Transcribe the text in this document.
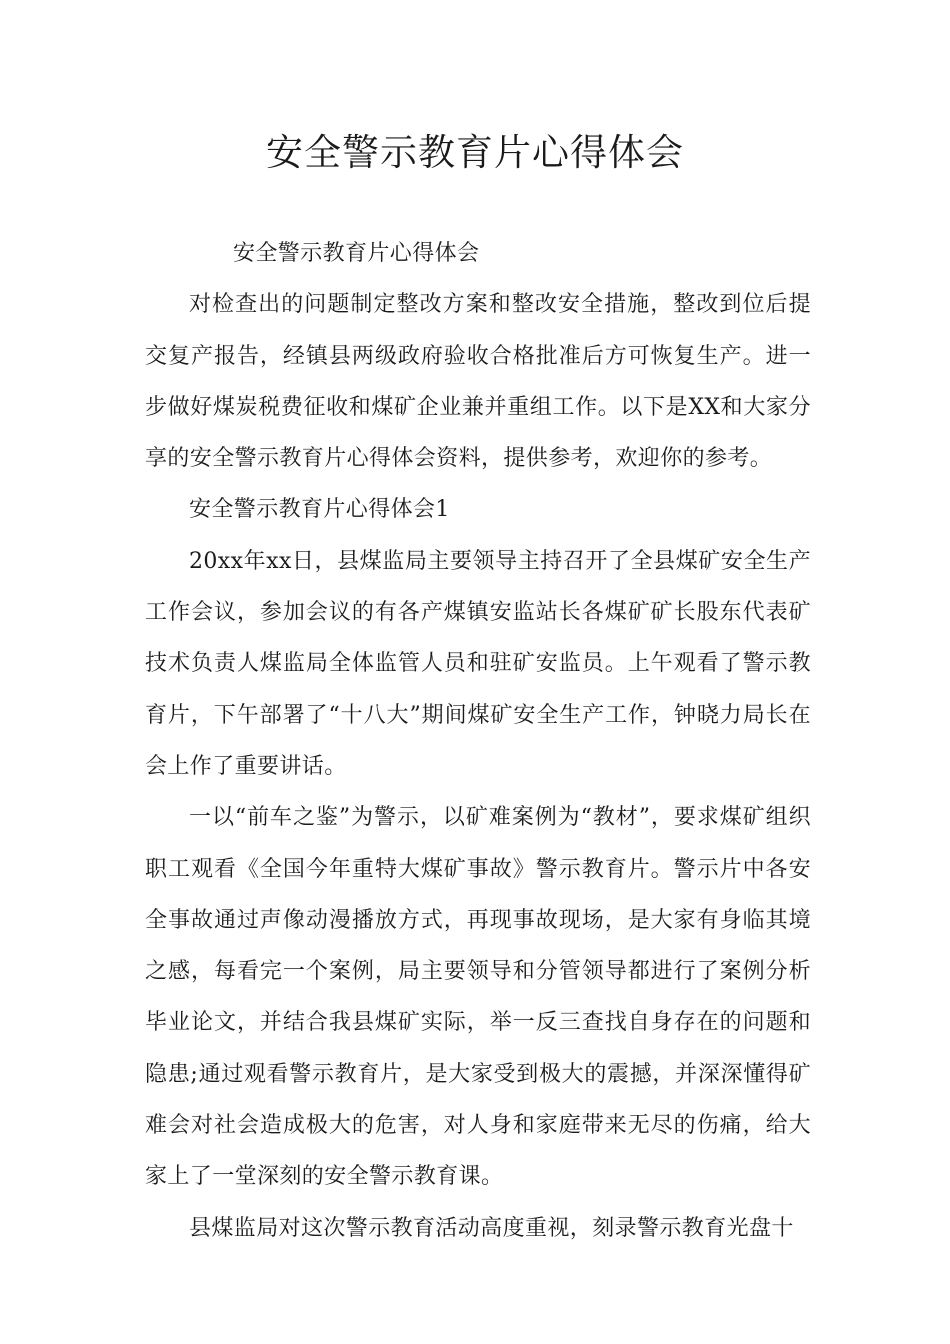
安全警示教育片心得体会

安全警示教育片心得体会

对检查出的问题制定整改方案和整改安全措施，整改到位后提交复产报告，经镇县两级政府验收合格批准后方可恢复生产。进一步做好煤炭税费征收和煤矿企业兼并重组工作。以下是XX和大家分享的安全警示教育片心得体会资料，提供参考，欢迎你的参考。

安全警示教育片心得体会1

20xx年xx日，县煤监局主要领导主持召开了全县煤矿安全生产工作会议，参加会议的有各产煤镇安监站长各煤矿矿长股东代表矿技术负责人煤监局全体监管人员和驻矿安监员。上午观看了警示教育片，下午部署了“十八大”期间煤矿安全生产工作，钟晓力局长在会上作了重要讲话。

一以“前车之鉴”为警示，以矿难案例为“教材”，要求煤矿组织职工观看《全国今年重特大煤矿事故》警示教育片。警示片中各安全事故通过声像动漫播放方式，再现事故现场，是大家有身临其境之感，每看完一个案例，局主要领导和分管领导都进行了案例分析毕业论文，并结合我县煤矿实际，举一反三查找自身存在的问题和隐患;通过观看警示教育片，是大家受到极大的震撼，并深深懂得矿难会对社会造成极大的危害，对人身和家庭带来无尽的伤痛，给大家上了一堂深刻的安全警示教育课。

县煤监局对这次警示教育活动高度重视，刻录警示教育光盘十
